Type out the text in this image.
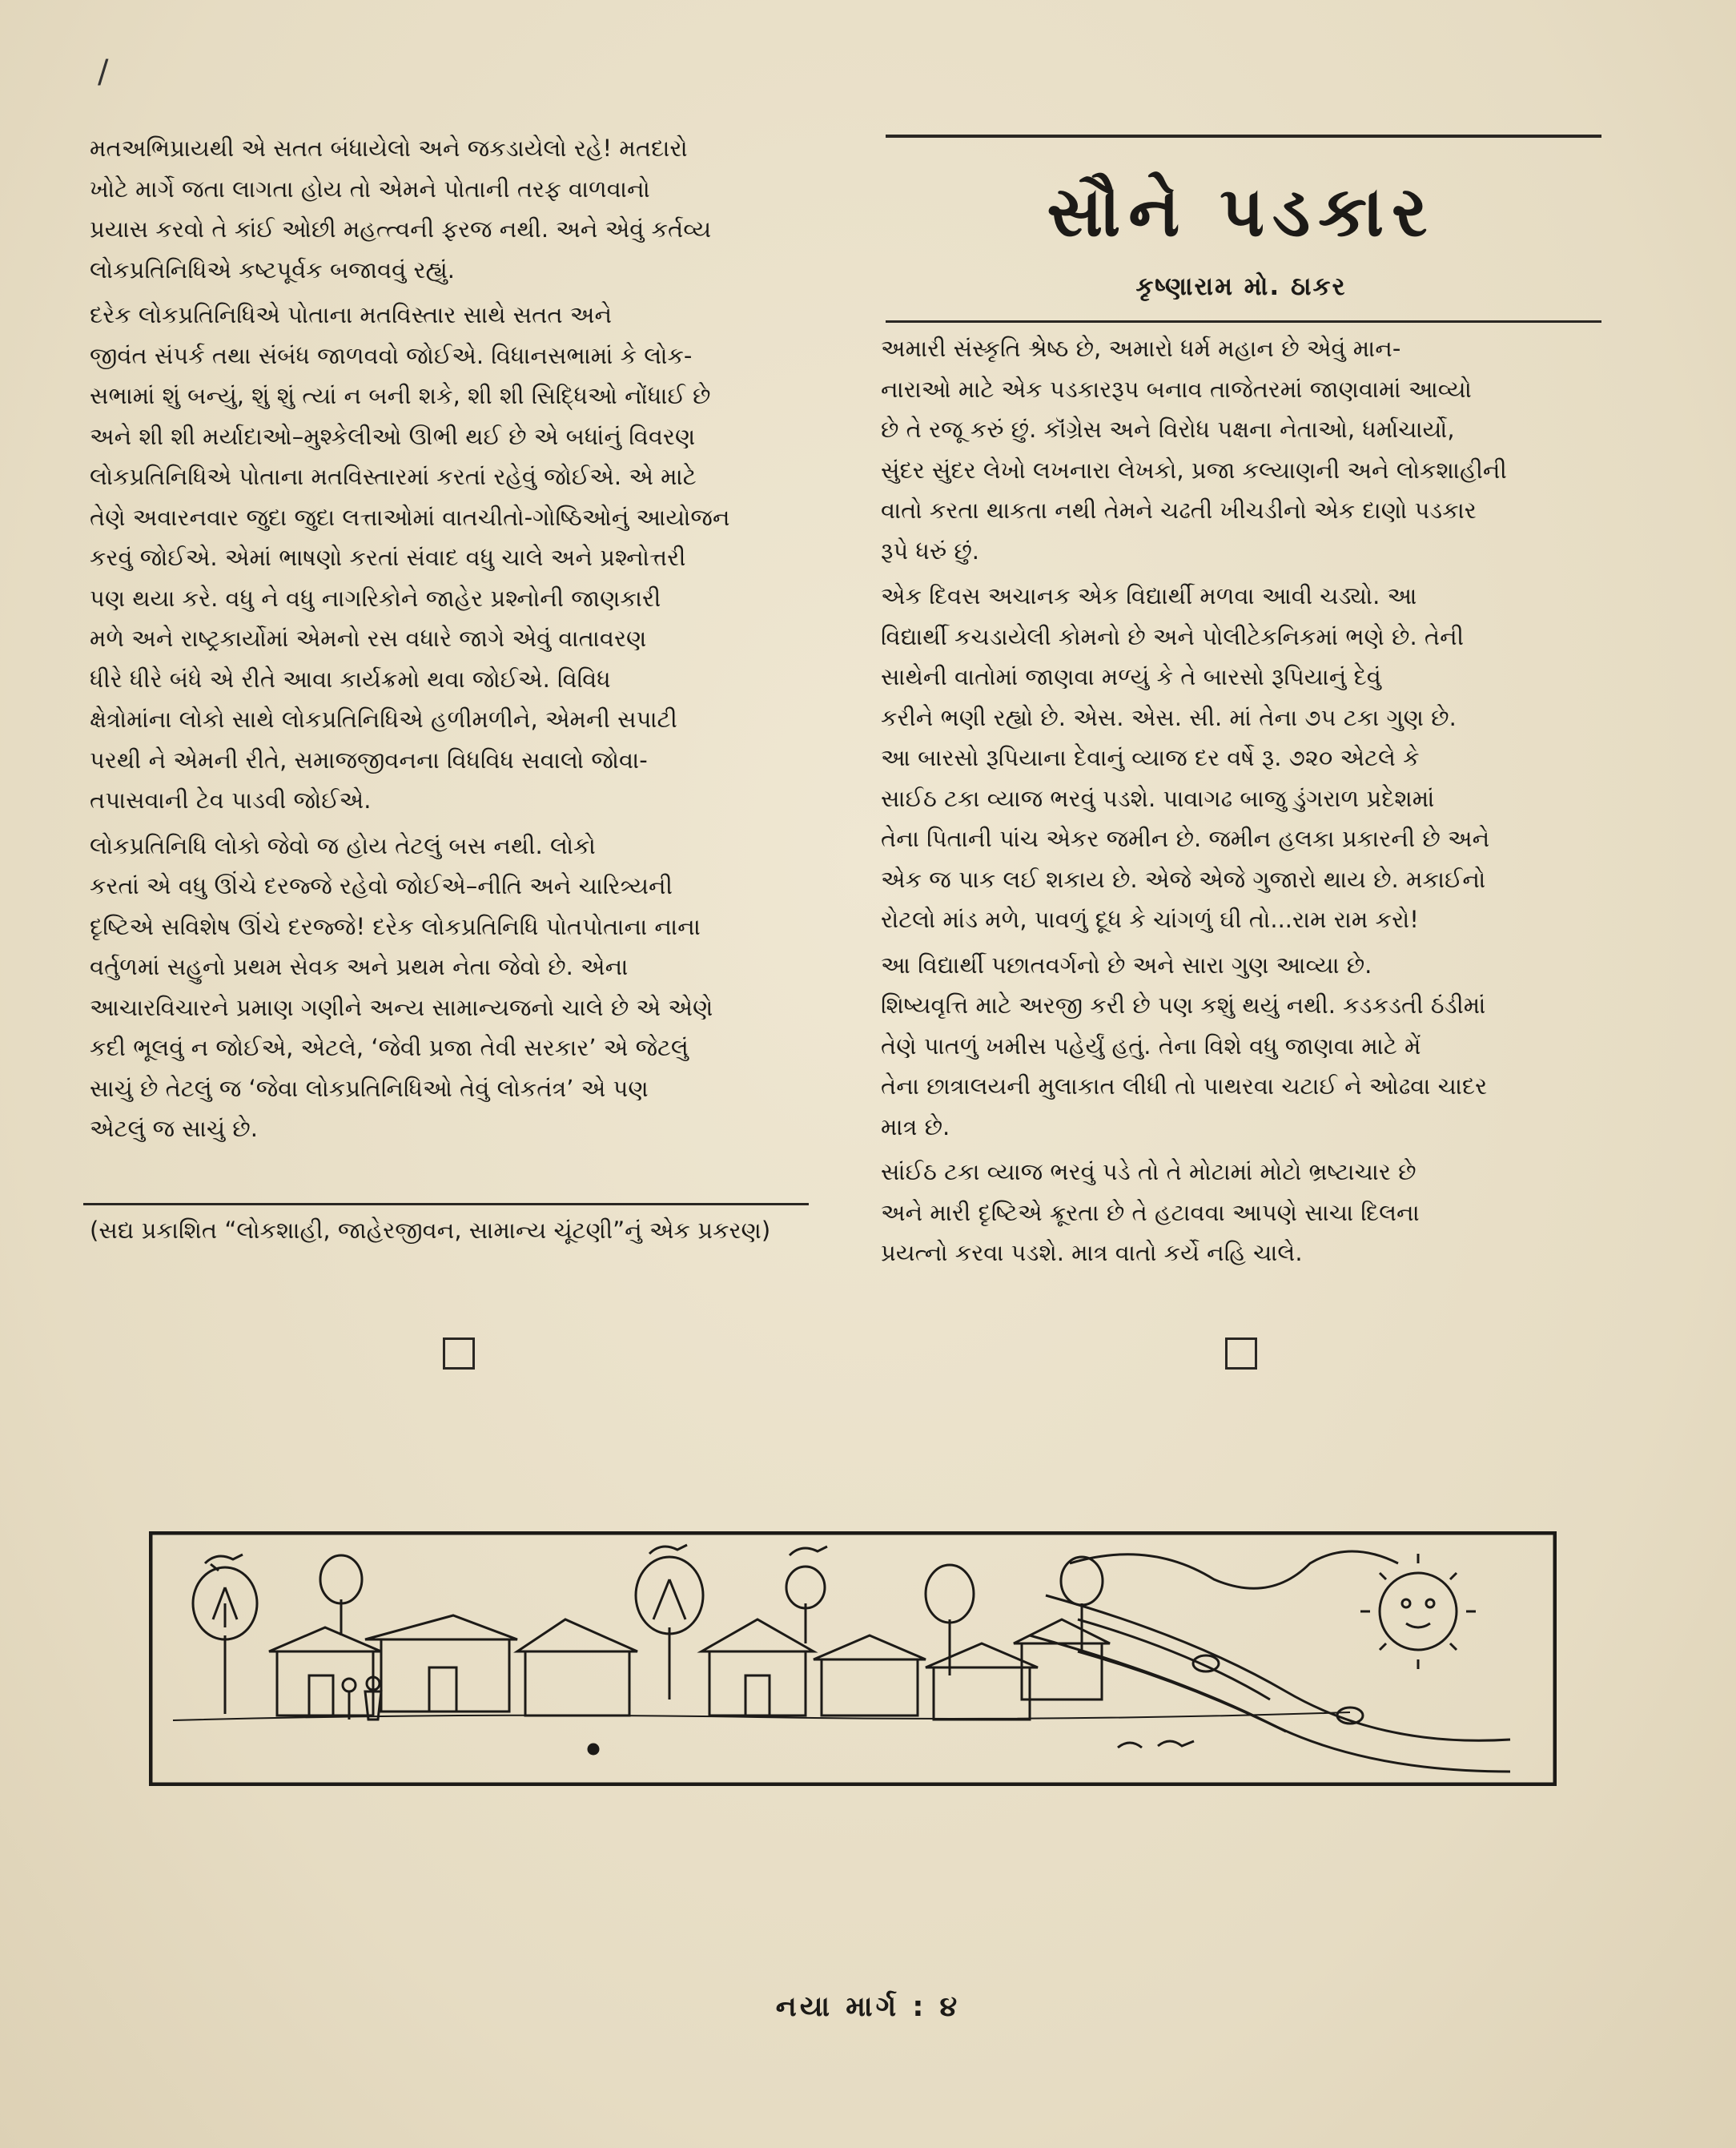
/

મતઅભિપ્રાયથી એ સતત બંધાયેલો અને જકડાયેલો રહે! મતદારો
ખોટે માર્ગે જતા લાગતા હોય તો એમને પોતાની તરફ વાળવાનો
પ્રયાસ કરવો તે કાંઈ ઓછી મહત્ત્વની ફરજ નથી. અને એવું કર્તવ્ય
લોકપ્રતિનિધિએ કષ્ટપૂર્વક બજાવવું રહ્યું.

દરેક લોકપ્રતિનિધિએ પોતાના મતવિસ્તાર સાથે સતત અને
જીવંત સંપર્ક તથા સંબંધ જાળવવો જોઈએ. વિધાનસભામાં કે લોક-
સભામાં શું બન્યું, શું શું ત્યાં ન બની શકે, શી શી સિદ્ધિઓ નોંધાઈ છે
અને શી શી મર્યાદાઓ–મુશ્કેલીઓ ઊભી થઈ છે એ બધાંનું વિવરણ
લોકપ્રતિનિધિએ પોતાના મતવિસ્તારમાં કરતાં રહેવું જોઈએ. એ માટે
તેણે અવારનવાર જુદા જુદા લત્તાઓમાં વાતચીતો-ગોષ્ઠિઓનું આયોજન
કરવું જોઈએ. એમાં ભાષણો કરતાં સંવાદ વધુ ચાલે અને પ્રશ્નોત્તરી
પણ થયા કરે. વધુ ને વધુ નાગરિકોને જાહેર પ્રશ્નોની જાણકારી
મળે અને રાષ્ટ્રકાર્યોમાં એમનો રસ વધારે જાગે એવું વાતાવરણ
ધીરે ધીરે બંધે એ રીતે આવા કાર્યક્રમો થવા જોઈએ. વિવિધ
ક્ષેત્રોમાંના લોકો સાથે લોકપ્રતિનિધિએ હળીમળીને, એમની સપાટી
પરથી ને એમની રીતે, સમાજજીવનના વિધવિધ સવાલો જોવા-
તપાસવાની ટેવ પાડવી જોઈએ.

લોકપ્રતિનિધિ લોકો જેવો જ હોય તેટલું બસ નથી. લોકો
કરતાં એ વધુ ઊંચે દરજ્જે રહેવો જોઈએ–નીતિ અને ચારિત્ર્યની
દૃષ્ટિએ સવિશેષ ઊંચે દરજ્જે! દરેક લોકપ્રતિનિધિ પોતપોતાના નાના
વર્તુળમાં સહુનો પ્રથમ સેવક અને પ્રથમ નેતા જેવો છે. એના
આચારવિચારને પ્રમાણ ગણીને અન્ય સામાન્યજનો ચાલે છે એ એણે
કદી ભૂલવું ન જોઈએ, એટલે, ‘જેવી પ્રજા તેવી સરકાર’ એ જેટલું
સાચું છે તેટલું જ ‘જેવા લોકપ્રતિનિધિઓ તેવું લોકતંત્ર’ એ પણ
એટલું જ સાચું છે.

(સદ્ય પ્રકાશિત “લોકશાહી, જાહેરજીવન, સામાન્ય ચૂંટણી”નું એક પ્રકરણ)
સૌને પડકાર
કૃષ્ણારામ મો. ઠાકર

અમારી સંસ્કૃતિ શ્રેષ્ઠ છે, અમારો ધર્મ મહાન છે એવું માન-
નારાઓ માટે એક પડકારરૂપ બનાવ તાજેતરમાં જાણવામાં આવ્યો
છે તે રજૂ કરું છું. કૉંગ્રેસ અને વિરોધ પક્ષના નેતાઓ, ધર્માચાર્યો,
સુંદર સુંદર લેખો લખનારા લેખકો, પ્રજા કલ્યાણની અને લોકશાહીની
વાતો કરતા થાકતા નથી તેમને ચઢતી ખીચડીનો એક દાણો પડકાર
રૂપે ધરું છું.

એક દિવસ અચાનક એક વિદ્યાર્થી મળવા આવી ચડ્યો. આ
વિદ્યાર્થી કચડાયેલી કોમનો છે અને પોલીટેકનિકમાં ભણે છે. તેની
સાથેની વાતોમાં જાણવા મળ્યું કે તે બારસો રૂપિયાનું દેવું
કરીને ભણી રહ્યો છે. એસ. એસ. સી. માં તેના ૭૫ ટકા ગુણ છે.
આ બારસો રૂપિયાના દેવાનું વ્યાજ દર વર્ષે રૂ. ૭૨૦ એટલે કે
સાઈઠ ટકા વ્યાજ ભરવું પડશે. પાવાગઢ બાજુ ડુંગરાળ પ્રદેશમાં
તેના પિતાની પાંચ એકર જમીન છે. જમીન હલકા પ્રકારની છે અને
એક જ પાક લઈ શકાય છે. એજે એજે ગુજારો થાય છે. મકાઈનો
રોટલો માંડ મળે, પાવળું દૂધ કે ચાંગળું ઘી તો...રામ રામ કરો!

આ વિદ્યાર્થી પછાતવર્ગનો છે અને સારા ગુણ આવ્યા છે.
શિષ્યવૃત્તિ માટે અરજી કરી છે પણ કશું થયું નથી. કડકડતી ઠંડીમાં
તેણે પાતળું ખમીસ પહેર્યું હતું. તેના વિશે વધુ જાણવા માટે મેં
તેના છાત્રાલયની મુલાકાત લીધી તો પાથરવા ચટાઈ ને ઓઢવા ચાદર
માત્ર છે.

સાંઈઠ ટકા વ્યાજ ભરવું પડે તો તે મોટામાં મોટો ભ્રષ્ટાચાર છે
અને મારી દૃષ્ટિએ ક્રૂરતા છે તે હટાવવા આપણે સાચા દિલના
પ્રયત્નો કરવા પડશે. માત્ર વાતો કર્યે નહિ ચાલે.

નયા માર્ગ : ૪
